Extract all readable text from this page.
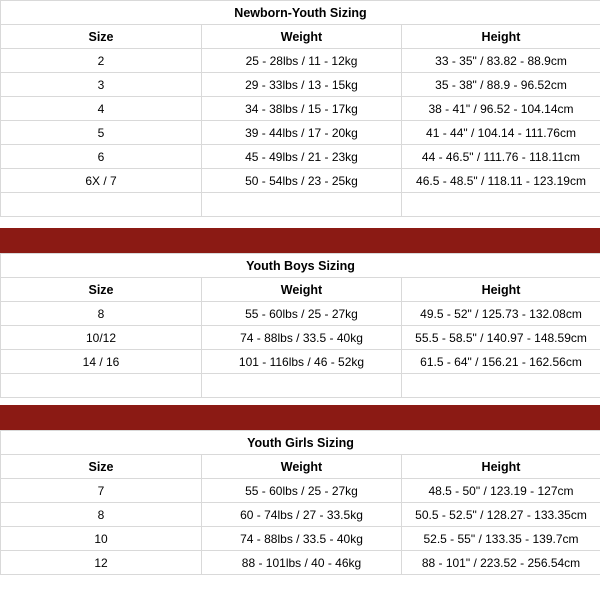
Newborn-Youth Sizing		
Size	Weight	Height
2	25 - 28lbs / 11 - 12kg	33 - 35" / 83.82 - 88.9cm
3	29 - 33lbs / 13 - 15kg	35 - 38" / 88.9 - 96.52cm
4	34 - 38lbs / 15 - 17kg	38 - 41" / 96.52 - 104.14cm
5	39 - 44lbs / 17 - 20kg	41 - 44" / 104.14 - 111.76cm
6	45 - 49lbs / 21 - 23kg	44 - 46.5" / 111.76 - 118.11cm
6X / 7	50 - 54lbs / 23 - 25kg	46.5 - 48.5" / 118.11 - 123.19cm

Youth Boys Sizing		
Size	Weight	Height
8	55 - 60lbs / 25 - 27kg	49.5 - 52" / 125.73 - 132.08cm
10/12	74 - 88lbs / 33.5 - 40kg	55.5 - 58.5" / 140.97 - 148.59cm
14 / 16	101 - 116lbs / 46 - 52kg	61.5 - 64" / 156.21 - 162.56cm

Youth Girls Sizing		
Size	Weight	Height
7	55 - 60lbs / 25 - 27kg	48.5 - 50" / 123.19 - 127cm
8	60 - 74lbs / 27 - 33.5kg	50.5 - 52.5" / 128.27 - 133.35cm
10	74 - 88lbs / 33.5 - 40kg	52.5 - 55" / 133.35 - 139.7cm
12	88 - 101lbs / 40 - 46kg	88 - 101" / 223.52 - 256.54cm
